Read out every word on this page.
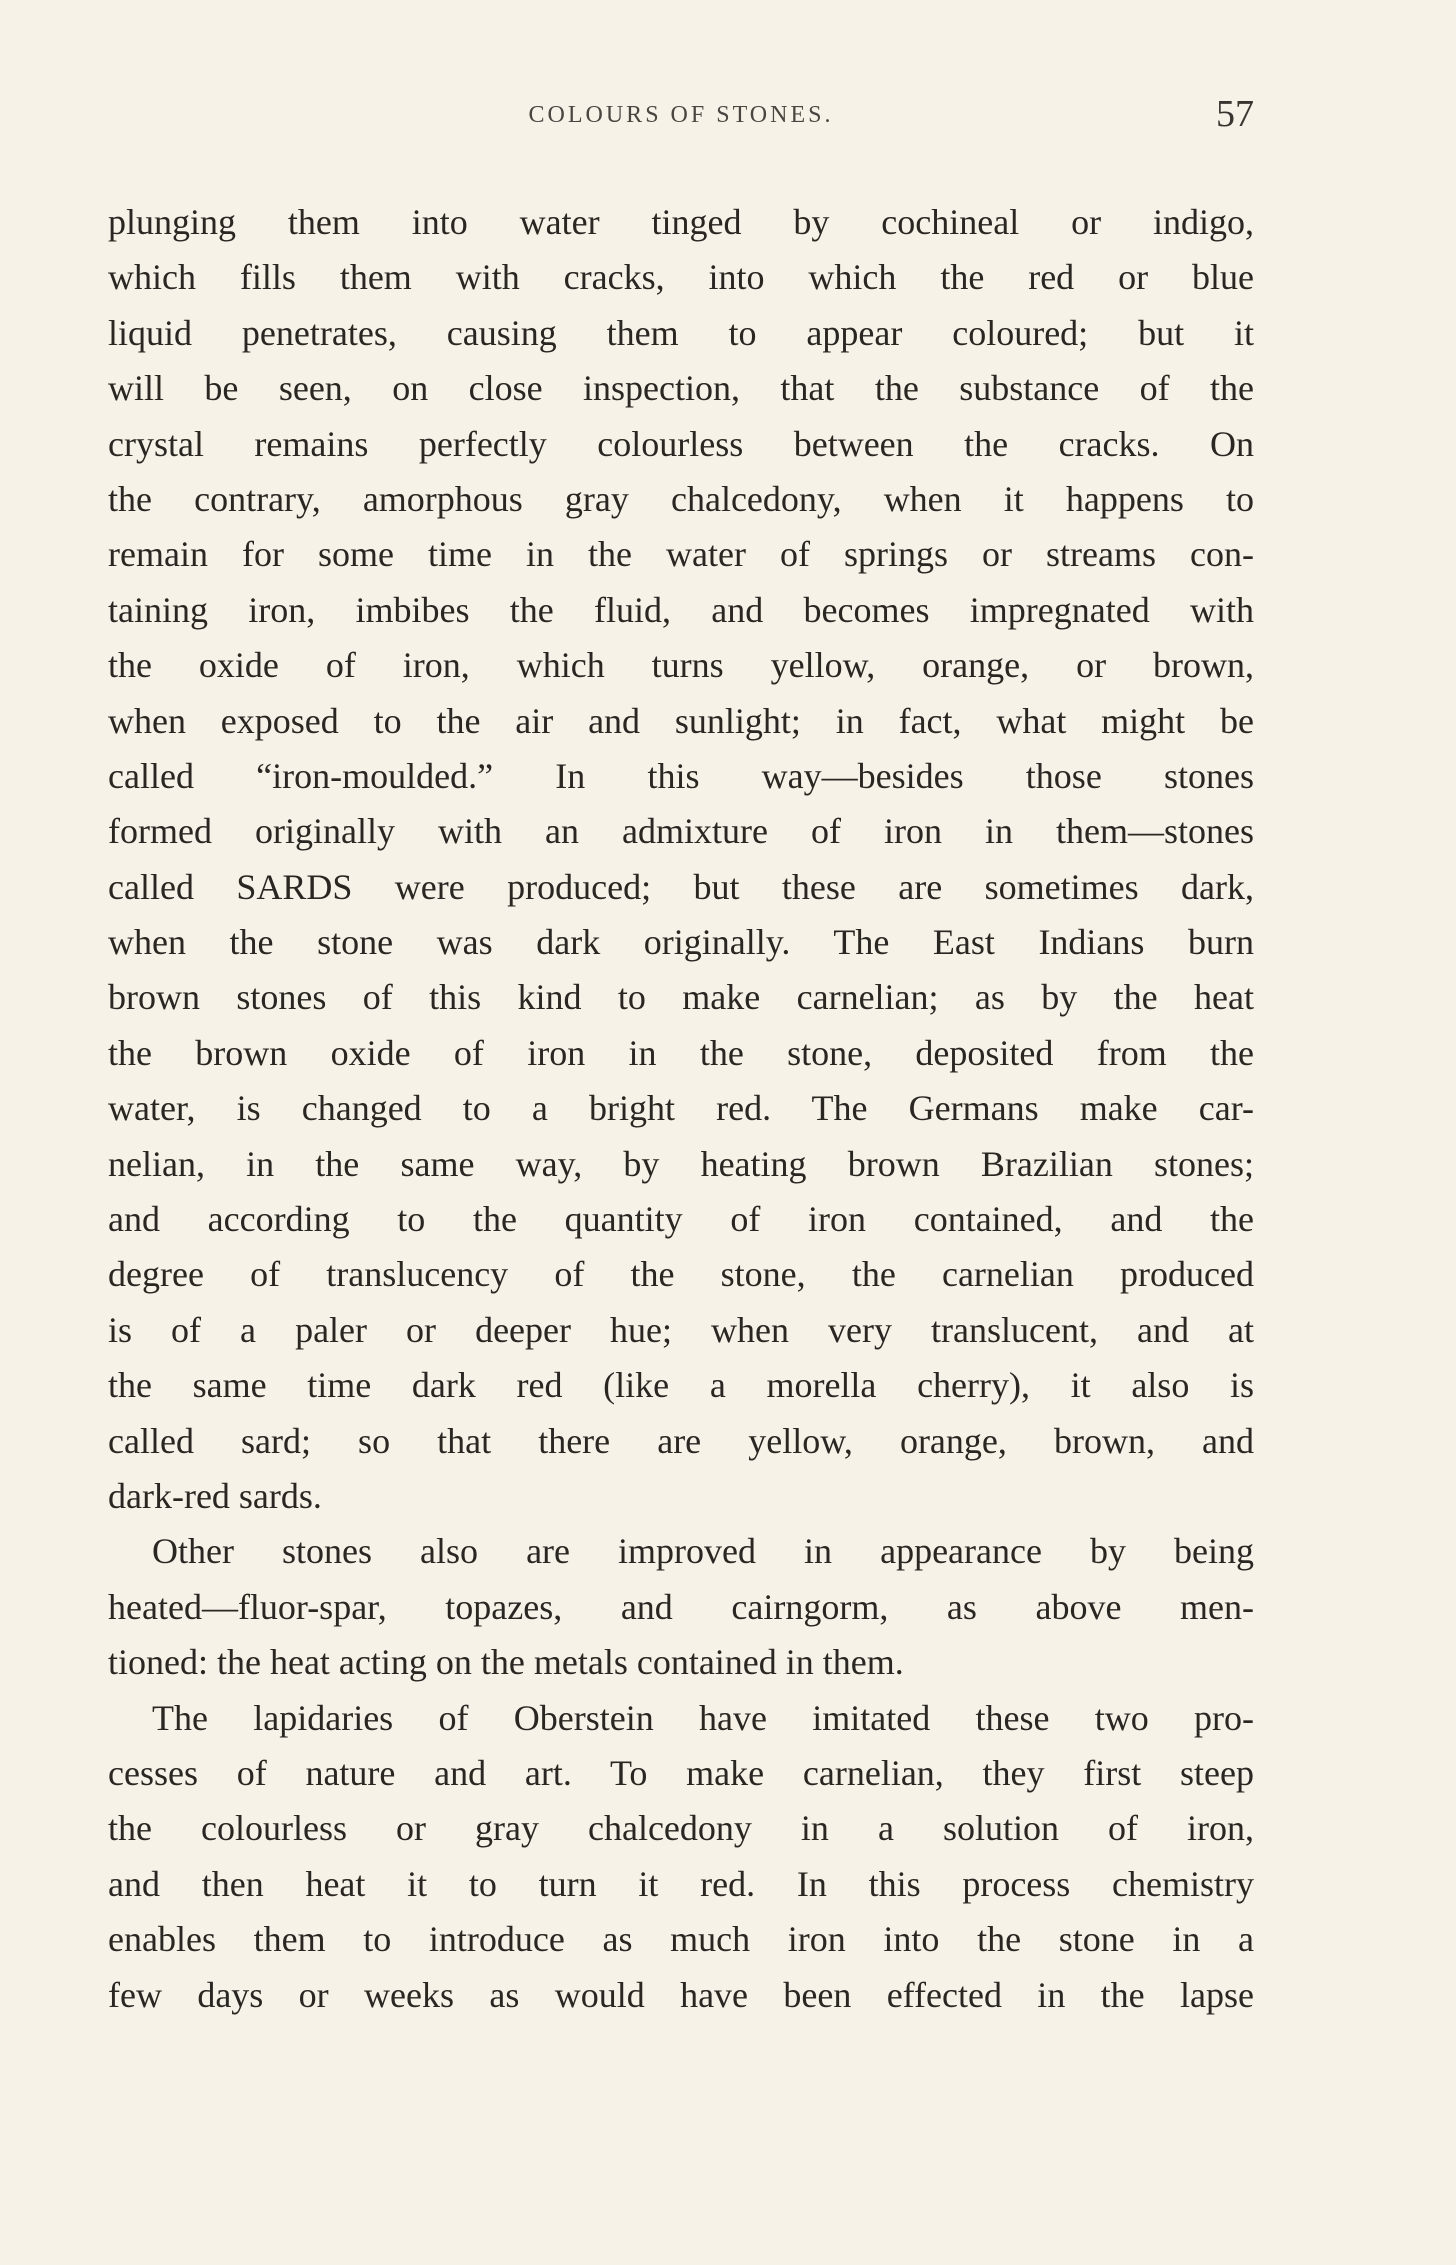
COLOURS OF STONES.	57
plunging them into water tinged by cochineal or indigo,
which fills them with cracks, into which the red or blue
liquid penetrates, causing them to appear coloured; but it
will be seen, on close inspection, that the substance of the
crystal remains perfectly colourless between the cracks. On
the contrary, amorphous gray chalcedony, when it happens to
remain for some time in the water of springs or streams con-
taining iron, imbibes the fluid, and becomes impregnated with
the oxide of iron, which turns yellow, orange, or brown,
when exposed to the air and sunlight; in fact, what might be
called “iron-moulded.” In this way—besides those stones
formed originally with an admixture of iron in them—stones
called SARDS were produced; but these are sometimes dark,
when the stone was dark originally. The East Indians burn
brown stones of this kind to make carnelian; as by the heat
the brown oxide of iron in the stone, deposited from the
water, is changed to a bright red. The Germans make car-
nelian, in the same way, by heating brown Brazilian stones;
and according to the quantity of iron contained, and the
degree of translucency of the stone, the carnelian produced
is of a paler or deeper hue; when very translucent, and at
the same time dark red (like a morella cherry), it also is
called sard; so that there are yellow, orange, brown, and
dark-red sards.
Other stones also are improved in appearance by being
heated—fluor-spar, topazes, and cairngorm, as above men-
tioned: the heat acting on the metals contained in them.
The lapidaries of Oberstein have imitated these two pro-
cesses of nature and art. To make carnelian, they first steep
the colourless or gray chalcedony in a solution of iron,
and then heat it to turn it red. In this process chemistry
enables them to introduce as much iron into the stone in a
few days or weeks as would have been effected in the lapse
